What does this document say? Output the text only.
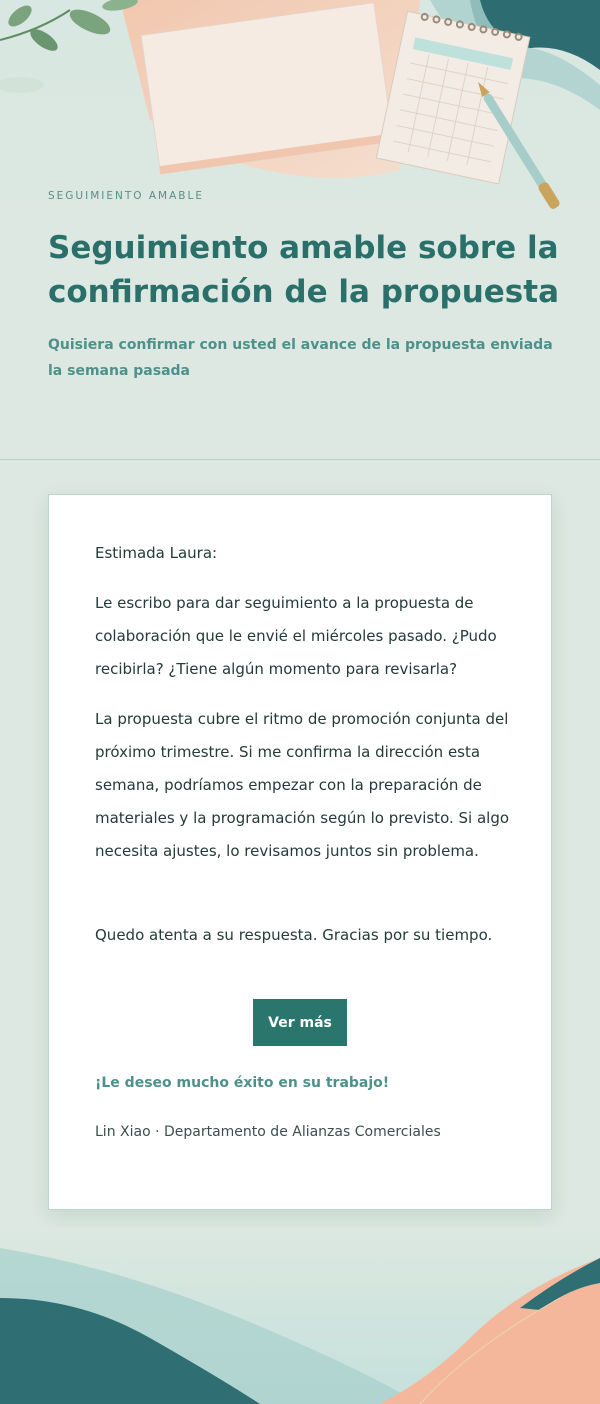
SEGUIMIENTO AMABLE
Seguimiento amable sobre la confirmación de la propuesta

Quisiera confirmar con usted el avance de la propuesta enviada la semana pasada

Estimada Laura:

Le escribo para dar seguimiento a la propuesta de colaboración que le envié el miércoles pasado. ¿Pudo recibirla? ¿Tiene algún momento para revisarla?

La propuesta cubre el ritmo de promoción conjunta del próximo trimestre. Si me confirma la dirección esta semana, podríamos empezar con la preparación de materiales y la programación según lo previsto. Si algo necesita ajustes, lo revisamos juntos sin problema.

Quedo atenta a su respuesta. Gracias por su tiempo.

Ver más

¡Le deseo mucho éxito en su trabajo!

Lin Xiao · Departamento de Alianzas Comerciales
